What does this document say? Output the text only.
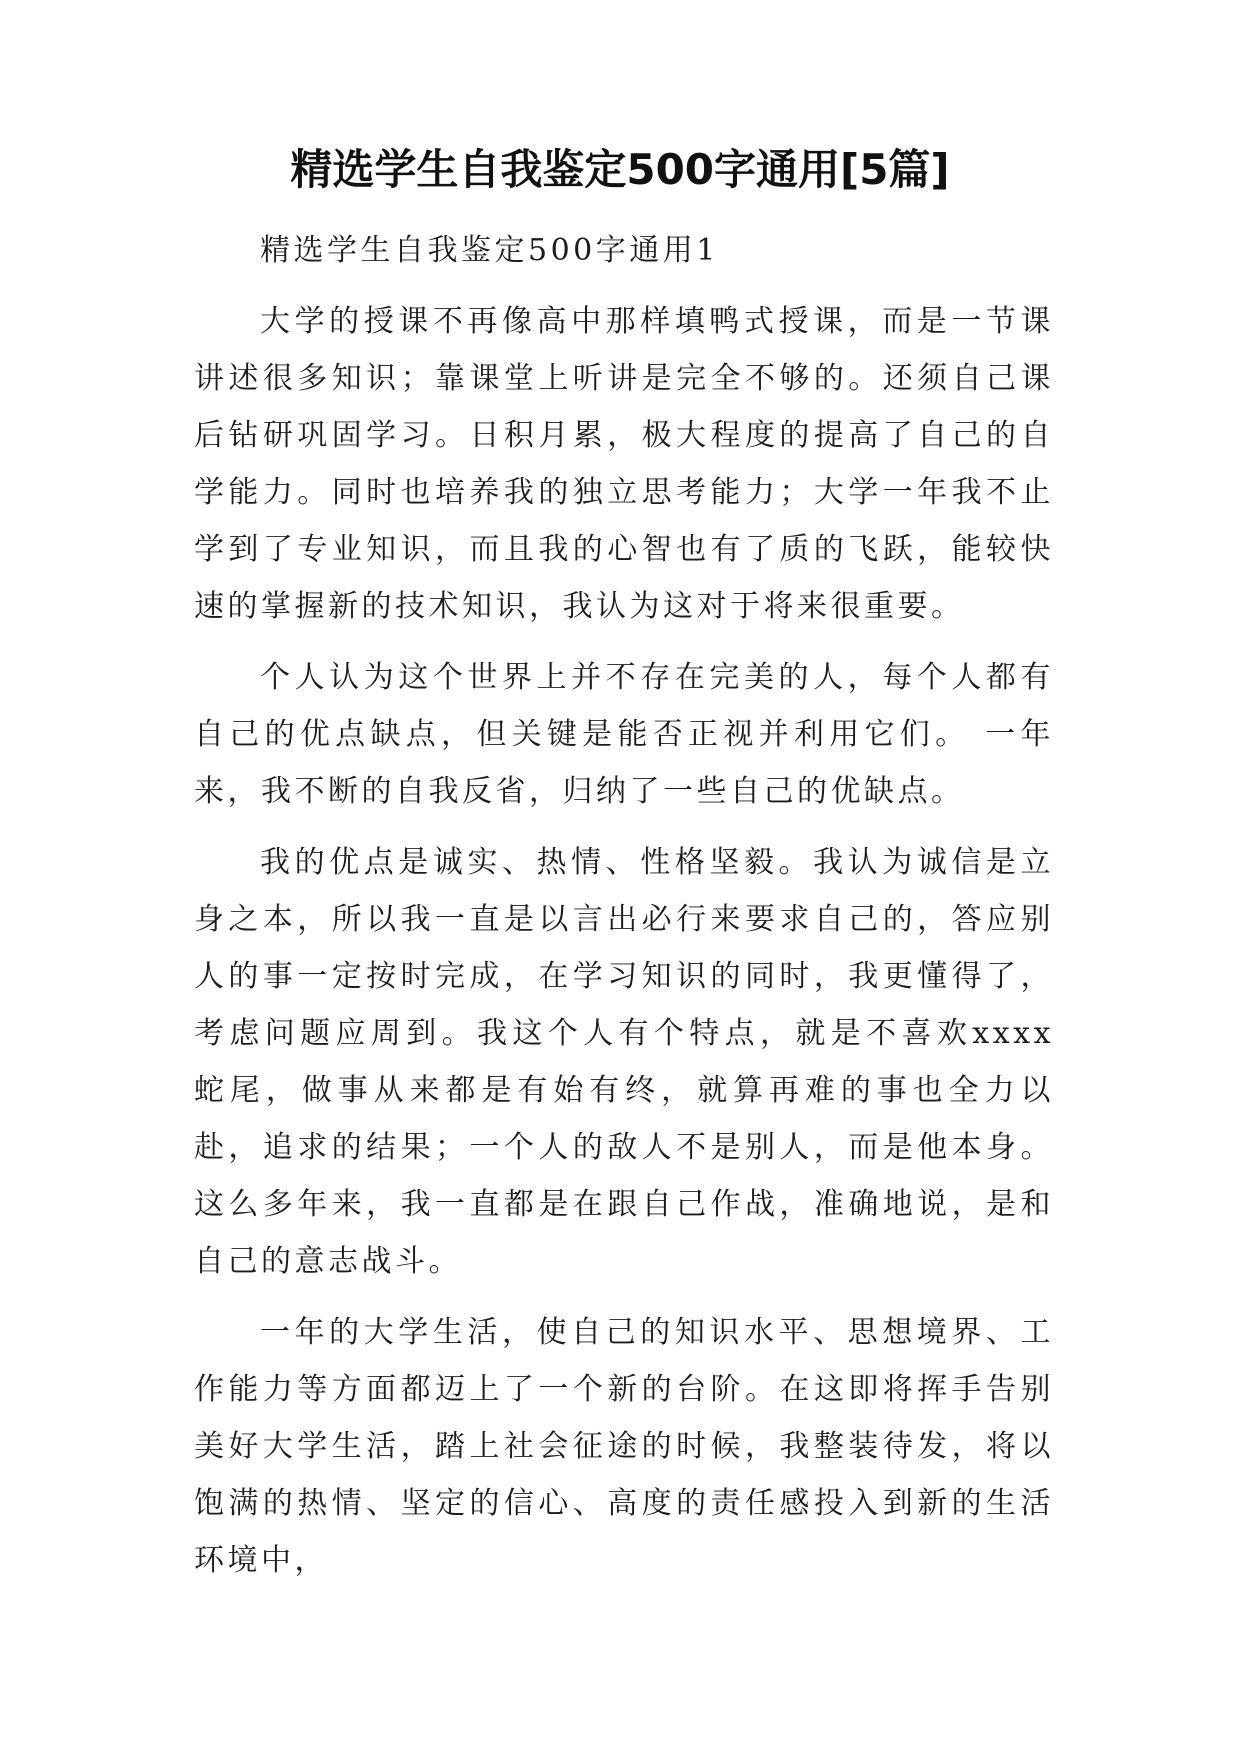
精选学生自我鉴定500字通用[5篇]

精选学生自我鉴定500字通用1

大学的授课不再像高中那样填鸭式授课，而是一节课讲述很多知识；靠课堂上听讲是完全不够的。还须自己课后钻研巩固学习。日积月累，极大程度的提高了自己的自学能力。同时也培养我的独立思考能力；大学一年我不止学到了专业知识，而且我的心智也有了质的飞跃，能较快速的掌握新的技术知识，我认为这对于将来很重要。

个人认为这个世界上并不存在完美的人，每个人都有自己的优点缺点，但关键是能否正视并利用它们。 一年来，我不断的自我反省，归纳了一些自己的优缺点。

我的优点是诚实、热情、性格坚毅。我认为诚信是立身之本，所以我一直是以言出必行来要求自己的，答应别人的事一定按时完成，在学习知识的同时，我更懂得了，考虑问题应周到。我这个人有个特点，就是不喜欢xxxx 蛇尾，做事从来都是有始有终，就算再难的事也全力以赴，追求的结果；一个人的敌人不是别人，而是他本身。这么多年来，我一直都是在跟自己作战，准确地说，是和自己的意志战斗。

一年的大学生活，使自己的知识水平、思想境界、工作能力等方面都迈上了一个新的台阶。在这即将挥手告别美好大学生活，踏上社会征途的时候，我整装待发，将以饱满的热情、坚定的信心、高度的责任感投入到新的生活环境中，
